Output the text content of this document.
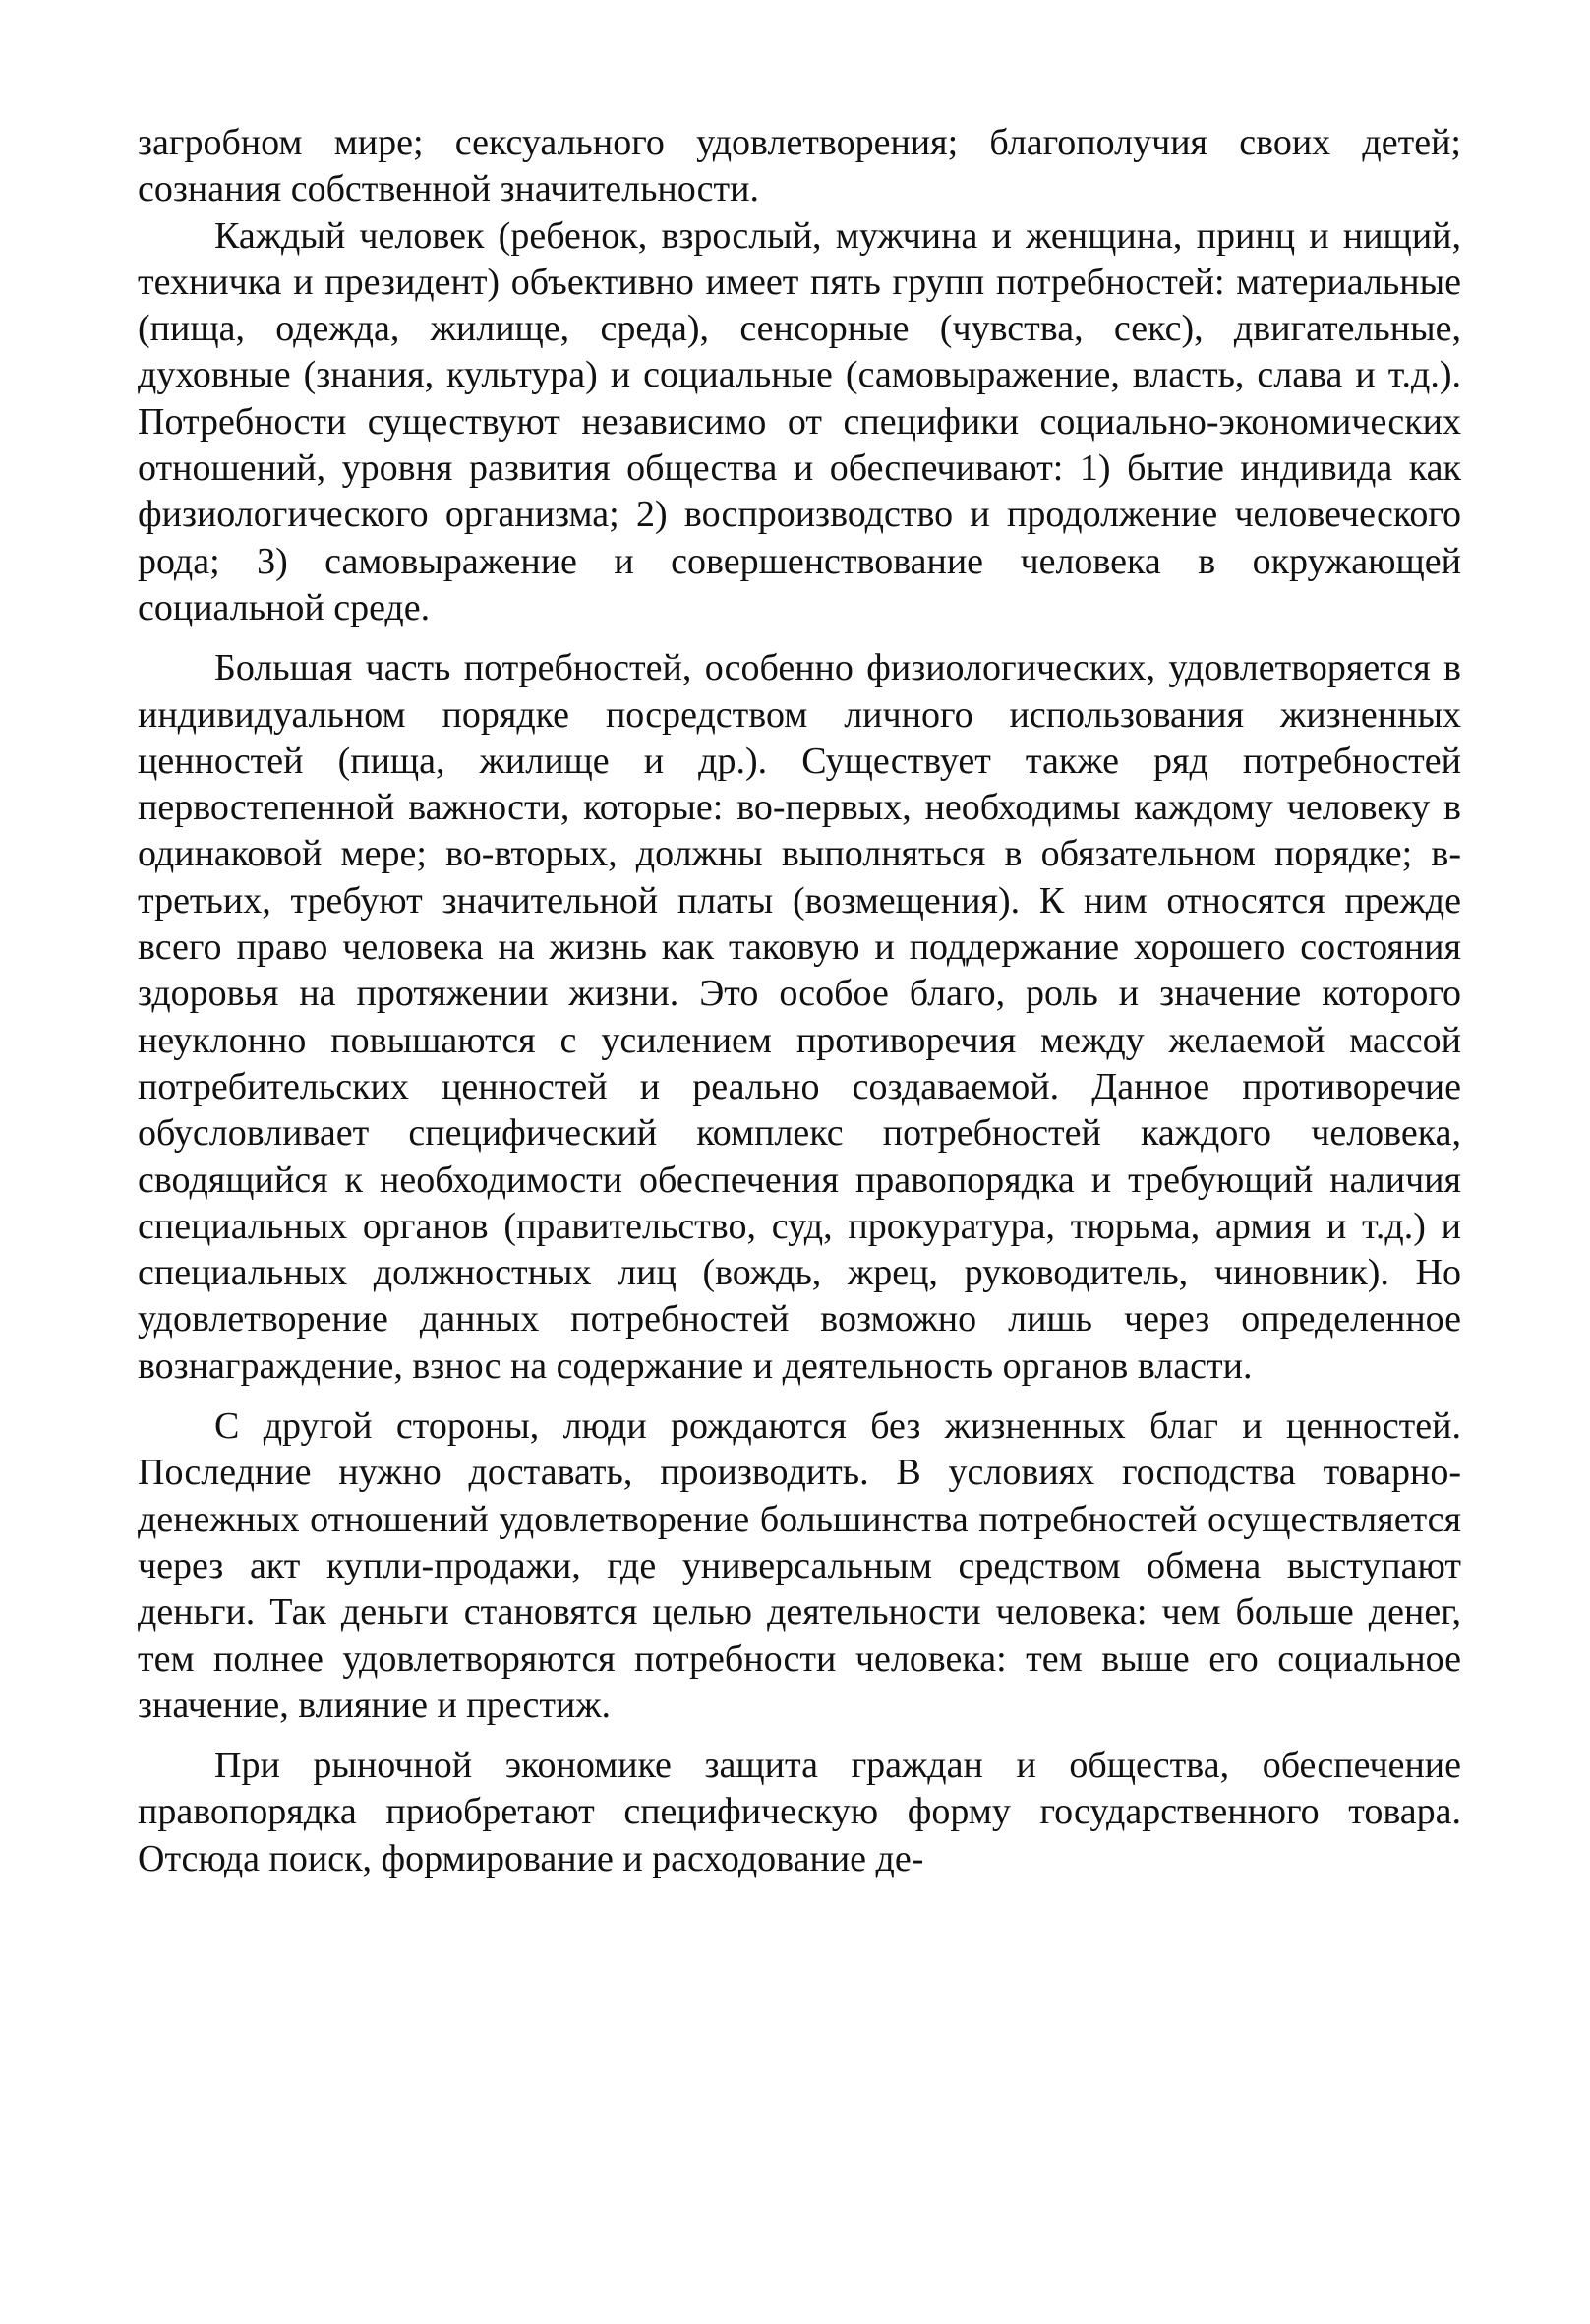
загробном мире; сексуального удовлетворения; благополучия своих детей; сознания собственной значительности.

Каждый человек (ребенок, взрослый, мужчина и женщина, принц и нищий, техничка и президент) объективно имеет пять групп потребностей: материальные (пища, одежда, жилище, среда), сенсорные (чувства, секс), двигательные, духовные (знания, культура) и социальные (самовыражение, власть, слава и т.д.). Потребности существуют независимо от специфики социально-экономических отношений, уровня развития общества и обеспечивают: 1) бытие индивида как физиологического организма; 2) воспроизводство и продолжение человеческого рода; 3) самовыражение и совершенствование человека в окружающей социальной среде.

Большая часть потребностей, особенно физиологических, удовлетворяется в индивидуальном порядке посредством личного использования жизненных ценностей (пища, жилище и др.). Существует также ряд потребностей первостепенной важности, которые: во-первых, необходимы каждому человеку в одинаковой мере; во-вторых, должны выполняться в обязательном порядке; в-третьих, требуют значительной платы (возмещения). К ним относятся прежде всего право человека на жизнь как таковую и поддержание хорошего состояния здоровья на протяжении жизни. Это особое благо, роль и значение которого неуклонно повышаются с усилением противоречия между желаемой массой потребительских ценностей и реально создаваемой. Данное противоречие обусловливает специфический комплекс потребностей каждого человека, сводящийся к необходимости обеспечения правопорядка и требующий наличия специальных органов (правительство, суд, прокуратура, тюрьма, армия и т.д.) и специальных должностных лиц (вождь, жрец, руководитель, чиновник). Но удовлетворение данных потребностей возможно лишь через определенное вознаграждение, взнос на содержание и деятельность органов власти.

С другой стороны, люди рождаются без жизненных благ и ценностей. Последние нужно доставать, производить. В условиях господства товарно-денежных отношений удовлетворение большинства потребностей осуществляется через акт купли-продажи, где универсальным средством обмена выступают деньги. Так деньги становятся целью деятельности человека: чем больше денег, тем полнее удовлетворяются потребности человека: тем выше его социальное значение, влияние и престиж.

При рыночной экономике защита граждан и общества, обеспечение правопорядка приобретают специфическую форму государственного товара. Отсюда поиск, формирование и расходование де-
